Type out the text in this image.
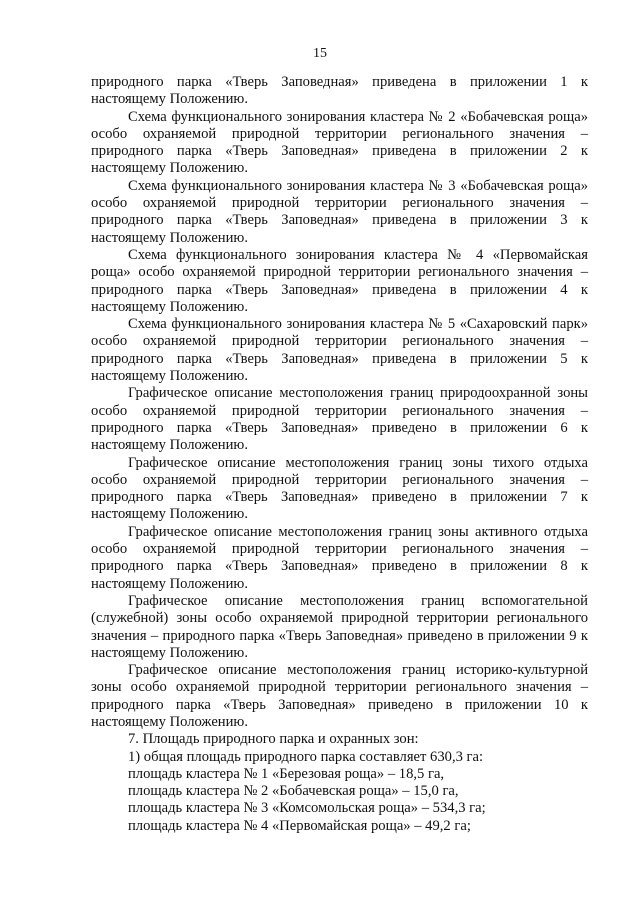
15

природного парка «Тверь Заповедная» приведена в приложении 1 к настоящему Положению.

Схема функционального зонирования кластера № 2 «Бобачевская роща» особо охраняемой природной территории регионального значения – природного парка «Тверь Заповедная» приведена в приложении 2 к настоящему Положению.

Схема функционального зонирования кластера № 3 «Бобачевская роща» особо охраняемой природной территории регионального значения – природного парка «Тверь Заповедная» приведена в приложении 3 к настоящему Положению.

Схема функционального зонирования кластера № 4 «Первомайская роща» особо охраняемой природной территории регионального значения – природного парка «Тверь Заповедная» приведена в приложении 4 к настоящему Положению.

Схема функционального зонирования кластера № 5 «Сахаровский парк» особо охраняемой природной территории регионального значения – природного парка «Тверь Заповедная» приведена в приложении 5 к настоящему Положению.

Графическое описание местоположения границ природоохранной зоны особо охраняемой природной территории регионального значения – природного парка «Тверь Заповедная» приведено в приложении 6 к настоящему Положению.

Графическое описание местоположения границ зоны тихого отдыха особо охраняемой природной территории регионального значения – природного парка «Тверь Заповедная» приведено в приложении 7 к настоящему Положению.

Графическое описание местоположения границ зоны активного отдыха особо охраняемой природной территории регионального значения – природного парка «Тверь Заповедная» приведено в приложении 8 к настоящему Положению.

Графическое описание местоположения границ вспомогательной (служебной) зоны особо охраняемой природной территории регионального значения – природного парка «Тверь Заповедная» приведено в приложении 9 к настоящему Положению.

Графическое описание местоположения границ историко-культурной зоны особо охраняемой природной территории регионального значения – природного парка «Тверь Заповедная» приведено в приложении 10 к настоящему Положению.

7. Площадь природного парка и охранных зон:

1) общая площадь природного парка составляет 630,3 га:

площадь кластера № 1 «Березовая роща» – 18,5 га,

площадь кластера № 2 «Бобачевская роща» – 15,0 га,

площадь кластера № 3 «Комсомольская роща» – 534,3 га;

площадь кластера № 4 «Первомайская роща» – 49,2 га;
